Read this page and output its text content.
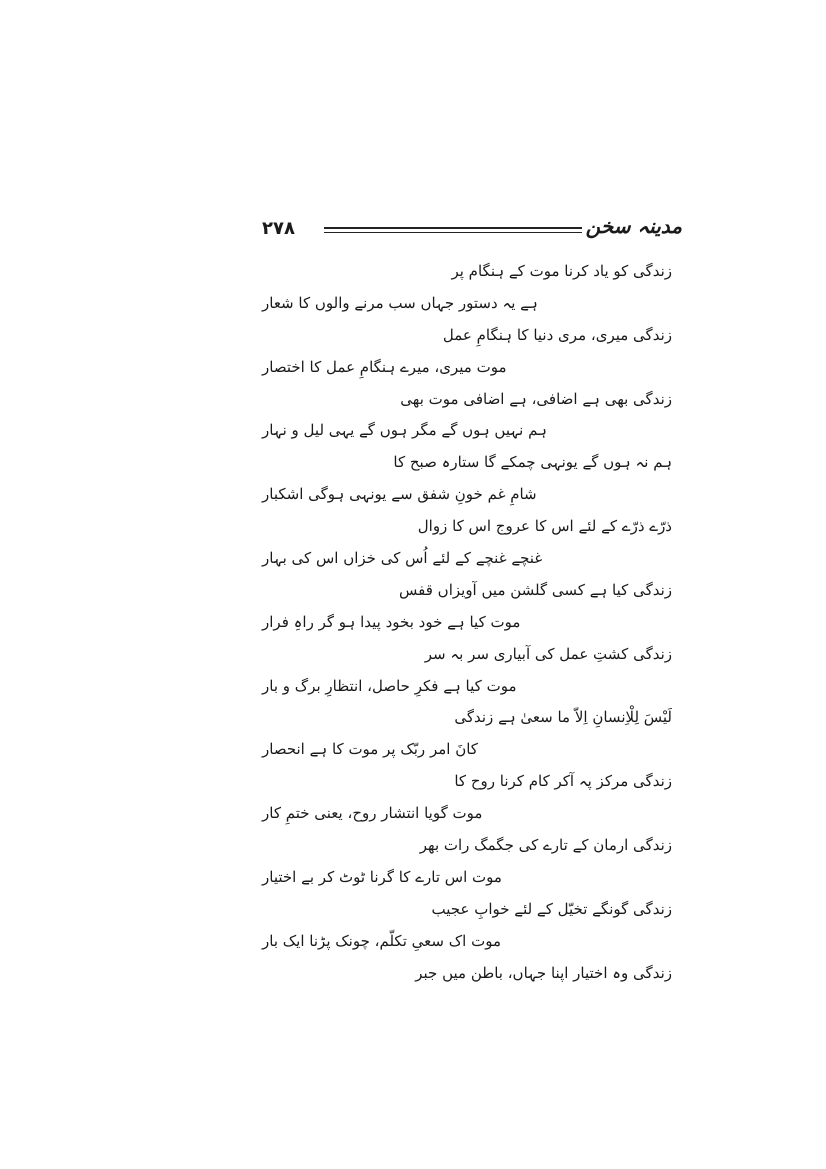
۲۷۸	مدینہ سخن
زندگی کو یاد کرنا موت کے ہنگام پر
ہے یہ دستور جہاں سب مرنے والوں کا شعار
زندگی میری، مری دنیا کا ہنگامِ عمل
موت میری، میرے ہنگامِ عمل کا اختصار
زندگی بھی ہے اضافی، ہے اضافی موت بھی
ہم نہیں ہوں گے مگر ہوں گے یہی لیل و نہار
ہم نہ ہوں گے یونہی چمکے گا ستارہ صبح کا
شامِ غم خونِ شفق سے یونہی ہوگی اشکبار
ذرّے ذرّے کے لئے اس کا عروج اس کا زوال
غنچے غنچے کے لئے اُس کی خزاں اس کی بہار
زندگی کیا ہے کسی گلشن میں آویزاں قفس
موت کیا ہے خود بخود پیدا ہو گر راہِ فرار
زندگی کشتِ عمل کی آبیاری سر بہ سر
موت کیا ہے فکرِ حاصل، انتظارِ برگ و بار
لَیْسَ لِلْاِنسانِ اِلاّ ما سعیٰ ہے زندگی
کانَ امر ربّک پر موت کا ہے انحصار
زندگی مرکز پہ آکر کام کرنا روح کا
موت گویا انتشار روح، یعنی ختمِ کار
زندگی ارمان کے تارے کی جگمگ رات بھر
موت اس تارے کا گرنا ٹوٹ کر بے اختیار
زندگی گونگے تخیّل کے لئے خوابِ عجیب
موت اک سعیِ تکلّم، چونک پڑنا ایک بار
زندگی وہ اختیار اپنا جہاں، باطن میں جبر
